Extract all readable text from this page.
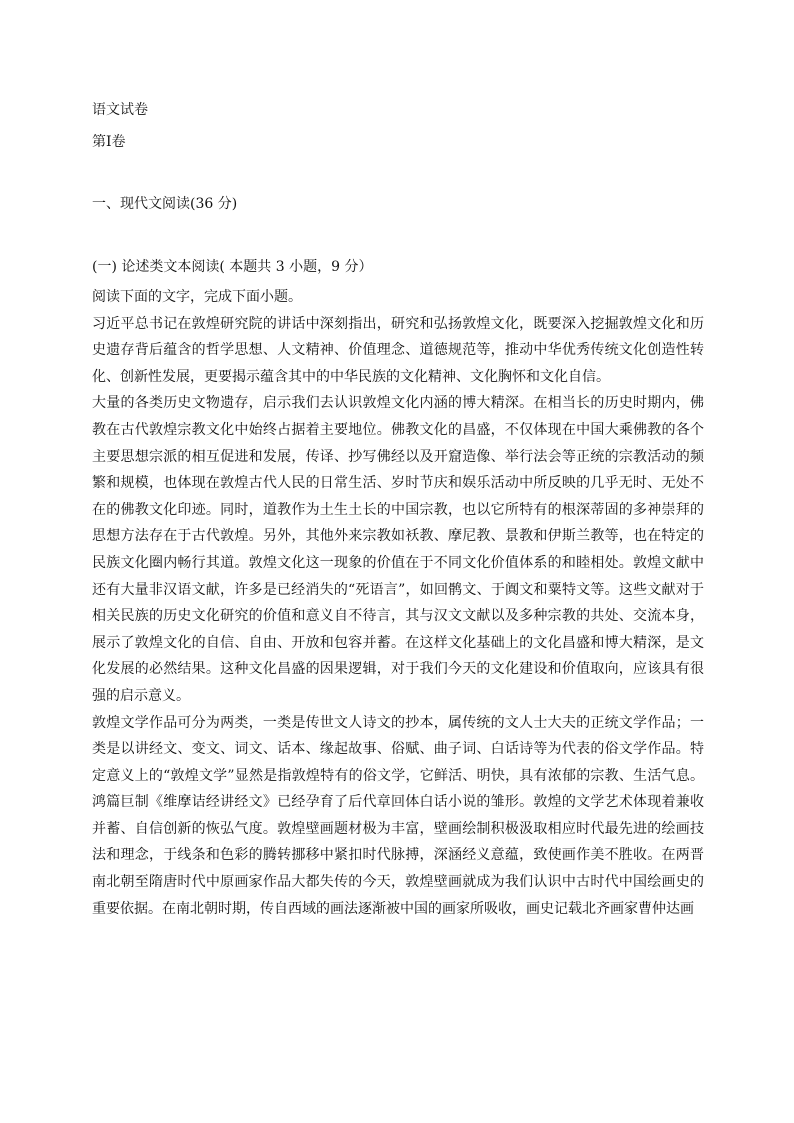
语文试卷
第Ⅰ卷
一、现代文阅读(36 分)
(一) 论述类文本阅读( 本题共 3 小题，9 分）

阅读下面的文字，完成下面小题。

习近平总书记在敦煌研究院的讲话中深刻指出，研究和弘扬敦煌文化，既要深入挖掘敦煌文化和历史遗存背后蕴含的哲学思想、人文精神、价值理念、道德规范等，推动中华优秀传统文化创造性转化、创新性发展，更要揭示蕴含其中的中华民族的文化精神、文化胸怀和文化自信。

大量的各类历史文物遗存，启示我们去认识敦煌文化内涵的博大精深。在相当长的历史时期内，佛教在古代敦煌宗教文化中始终占据着主要地位。佛教文化的昌盛，不仅体现在中国大乘佛教的各个主要思想宗派的相互促进和发展，传译、抄写佛经以及开窟造像、举行法会等正统的宗教活动的频繁和规模，也体现在敦煌古代人民的日常生活、岁时节庆和娱乐活动中所反映的几乎无时、无处不在的佛教文化印迹。同时，道教作为土生土长的中国宗教，也以它所特有的根深蒂固的多神崇拜的思想方法存在于古代敦煌。另外，其他外来宗教如袄教、摩尼教、景教和伊斯兰教等，也在特定的民族文化圈内畅行其道。敦煌文化这一现象的价值在于不同文化价值体系的和睦相处。敦煌文献中还有大量非汉语文献，许多是已经消失的“死语言”，如回鹘文、于阗文和粟特文等。这些文献对于相关民族的历史文化研究的价值和意义自不待言，其与汉文文献以及多种宗教的共处、交流本身，展示了敦煌文化的自信、自由、开放和包容并蓄。在这样文化基础上的文化昌盛和博大精深，是文化发展的必然结果。这种文化昌盛的因果逻辑，对于我们今天的文化建设和价值取向，应该具有很强的启示意义。

敦煌文学作品可分为两类，一类是传世文人诗文的抄本，属传统的文人士大夫的正统文学作品；一类是以讲经文、变文、词文、话本、缘起故事、俗赋、曲子词、白话诗等为代表的俗文学作品。特定意义上的“敦煌文学”显然是指敦煌特有的俗文学，它鲜活、明快，具有浓郁的宗教、生活气息。鸿篇巨制《维摩诘经讲经文》已经孕育了后代章回体白话小说的雏形。敦煌的文学艺术体现着兼收并蓄、自信创新的恢弘气度。敦煌壁画题材极为丰富，壁画绘制积极汲取相应时代最先进的绘画技法和理念，于线条和色彩的腾转挪移中紧扣时代脉搏，深涵经义意蕴，致使画作美不胜收。在两晋南北朝至隋唐时代中原画家作品大都失传的今天，敦煌壁画就成为我们认识中古时代中国绘画史的重要依据。在南北朝时期，传自西域的画法逐渐被中国的画家所吸收，画史记载北齐画家曹仲达画
